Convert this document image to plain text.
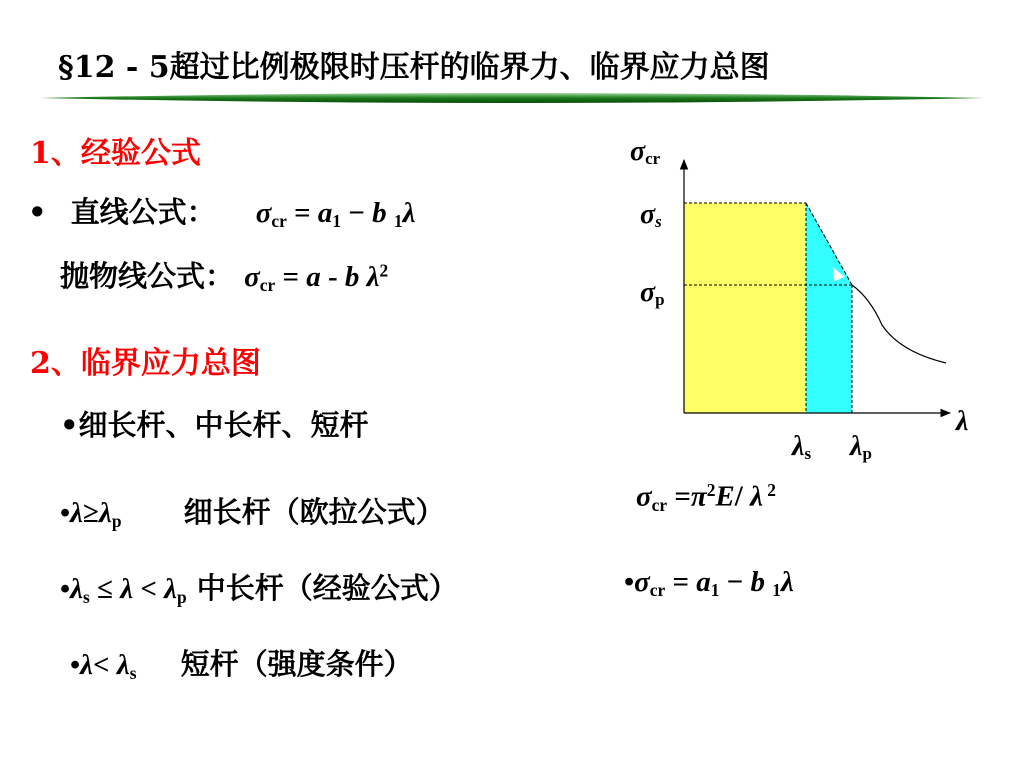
§12 - 5超过比例极限时压杆的临界力、临界应力总图
1、经验公式
• 直线公式： $\sigma_{cr} = a_1 - b$ $_1$λ
抛物线公式： $\sigma_{cr} = a - b$ $\lambda^2$
2、临界应力总图
•细长杆、中长杆、短杆
$•\lambda\ge\lambda_p$ 细长杆（欧拉公式）	$\sigma_{cr} =\pi^2E/$ λ $^2$
$•\lambda_s \le \lambda < \lambda_p$ 中长杆（经验公式）	$•\sigma_{cr} = a_1 - b$ $_1$λ
•λ< $\lambda_s$ 短杆（强度条件）
σcr
σs
σp
λ
λs λp
